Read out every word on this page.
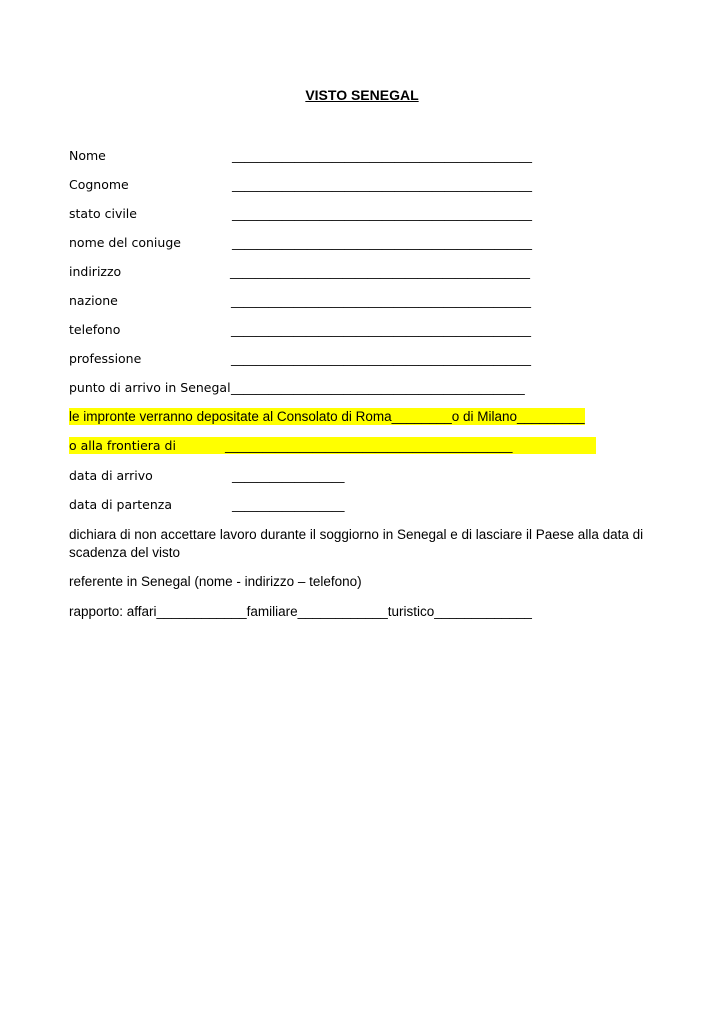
VISTO SENEGAL
Nome	________________________________________________
Cognome	________________________________________________
stato civile	________________________________________________
nome del coniuge	________________________________________________
indirizzo	________________________________________________
nazione	________________________________________________
telefono	________________________________________________
professione	________________________________________________
punto di arrivo in Senegal _______________________________________________
le impronte verranno depositate al Consolato di Roma________o di Milano_________
o alla frontiera di	______________________________________________
data di arrivo	__________________
data di partenza	__________________
dichiara di non accettare lavoro durante il soggiorno in Senegal e di lasciare il Paese alla data di scadenza del visto
referente in Senegal (nome - indirizzo – telefono)
rapporto: affari____________familiare____________turistico_____________
